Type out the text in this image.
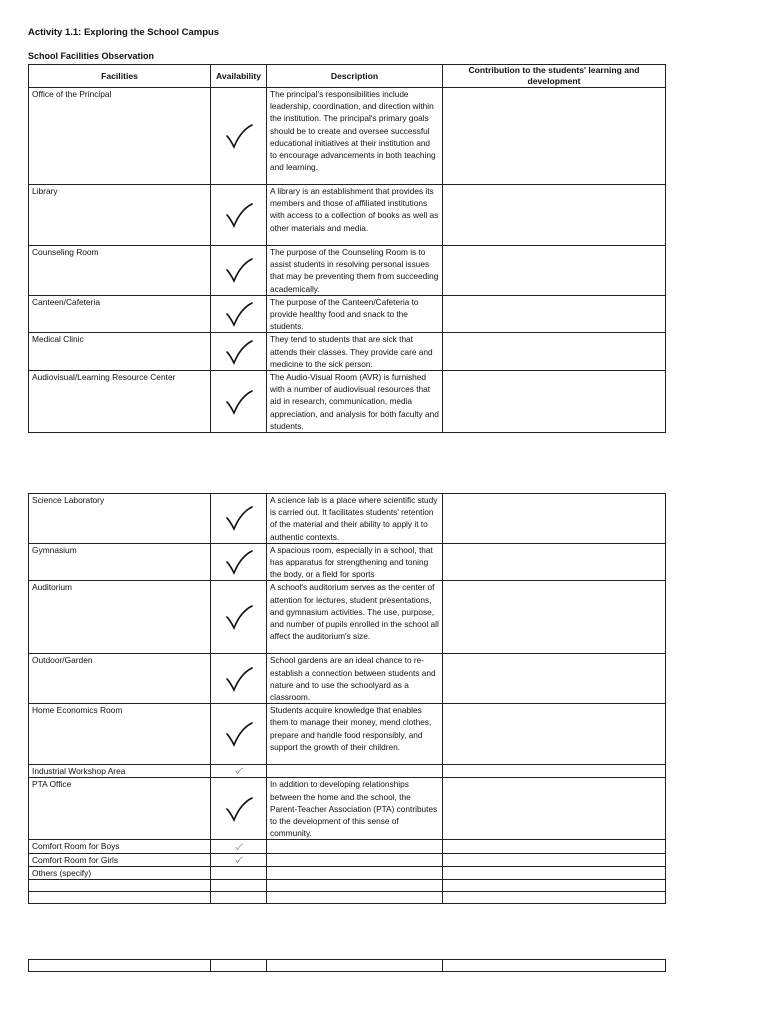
Activity 1.1: Exploring the School Campus
School Facilities Observation
Facilities	Availability	Description	Contribution to the students' learning and development
Office of the Principal		The principal's responsibilities include leadership, coordination, and direction within the institution. The principal's primary goals should be to create and oversee successful educational initiatives at their institution and to encourage advancements in both teaching and learning.	
Library		A library is an establishment that provides its members and those of affiliated institutions with access to a collection of books as well as other materials and media.	
Counseling Room		The purpose of the Counseling Room is to assist students in resolving personal issues that may be preventing them from succeeding academically.	
Canteen/Cafeteria		The purpose of the Canteen/Cafeteria to provide healthy food and snack to the students.	
Medical Clinic		They tend to students that are sick that attends their classes. They provide care and medicine to the sick person.	
Audiovisual/Learning Resource Center		The Audio-Visual Room (AVR) is furnished with a number of audiovisual resources that aid in research, communication, media appreciation, and analysis for both faculty and students.	
Science Laboratory		A science lab is a place where scientific study is carried out. It facilitates students' retention of the material and their ability to apply it to authentic contexts.	
Gymnasium		A spacious room, especially in a school, that has apparatus for strengthening and toning the body, or a field for sports	
Auditorium		A school's auditorium serves as the center of attention for lectures, student presentations, and gymnasium activities. The use, purpose, and number of pupils enrolled in the school all affect the auditorium's size.	
Outdoor/Garden		School gardens are an ideal chance to re-establish a connection between students and nature and to use the schoolyard as a classroom.	
Home Economics Room		Students acquire knowledge that enables them to manage their money, mend clothes, prepare and handle food responsibly, and support the growth of their children.	
Industrial Workshop Area	

PTA Office		In addition to developing relationships between the home and the school, the Parent-Teacher Association (PTA) contributes to the development of this sense of community.	
Comfort Room for Boys	

Comfort Room for Girls	

Others (specify)			
